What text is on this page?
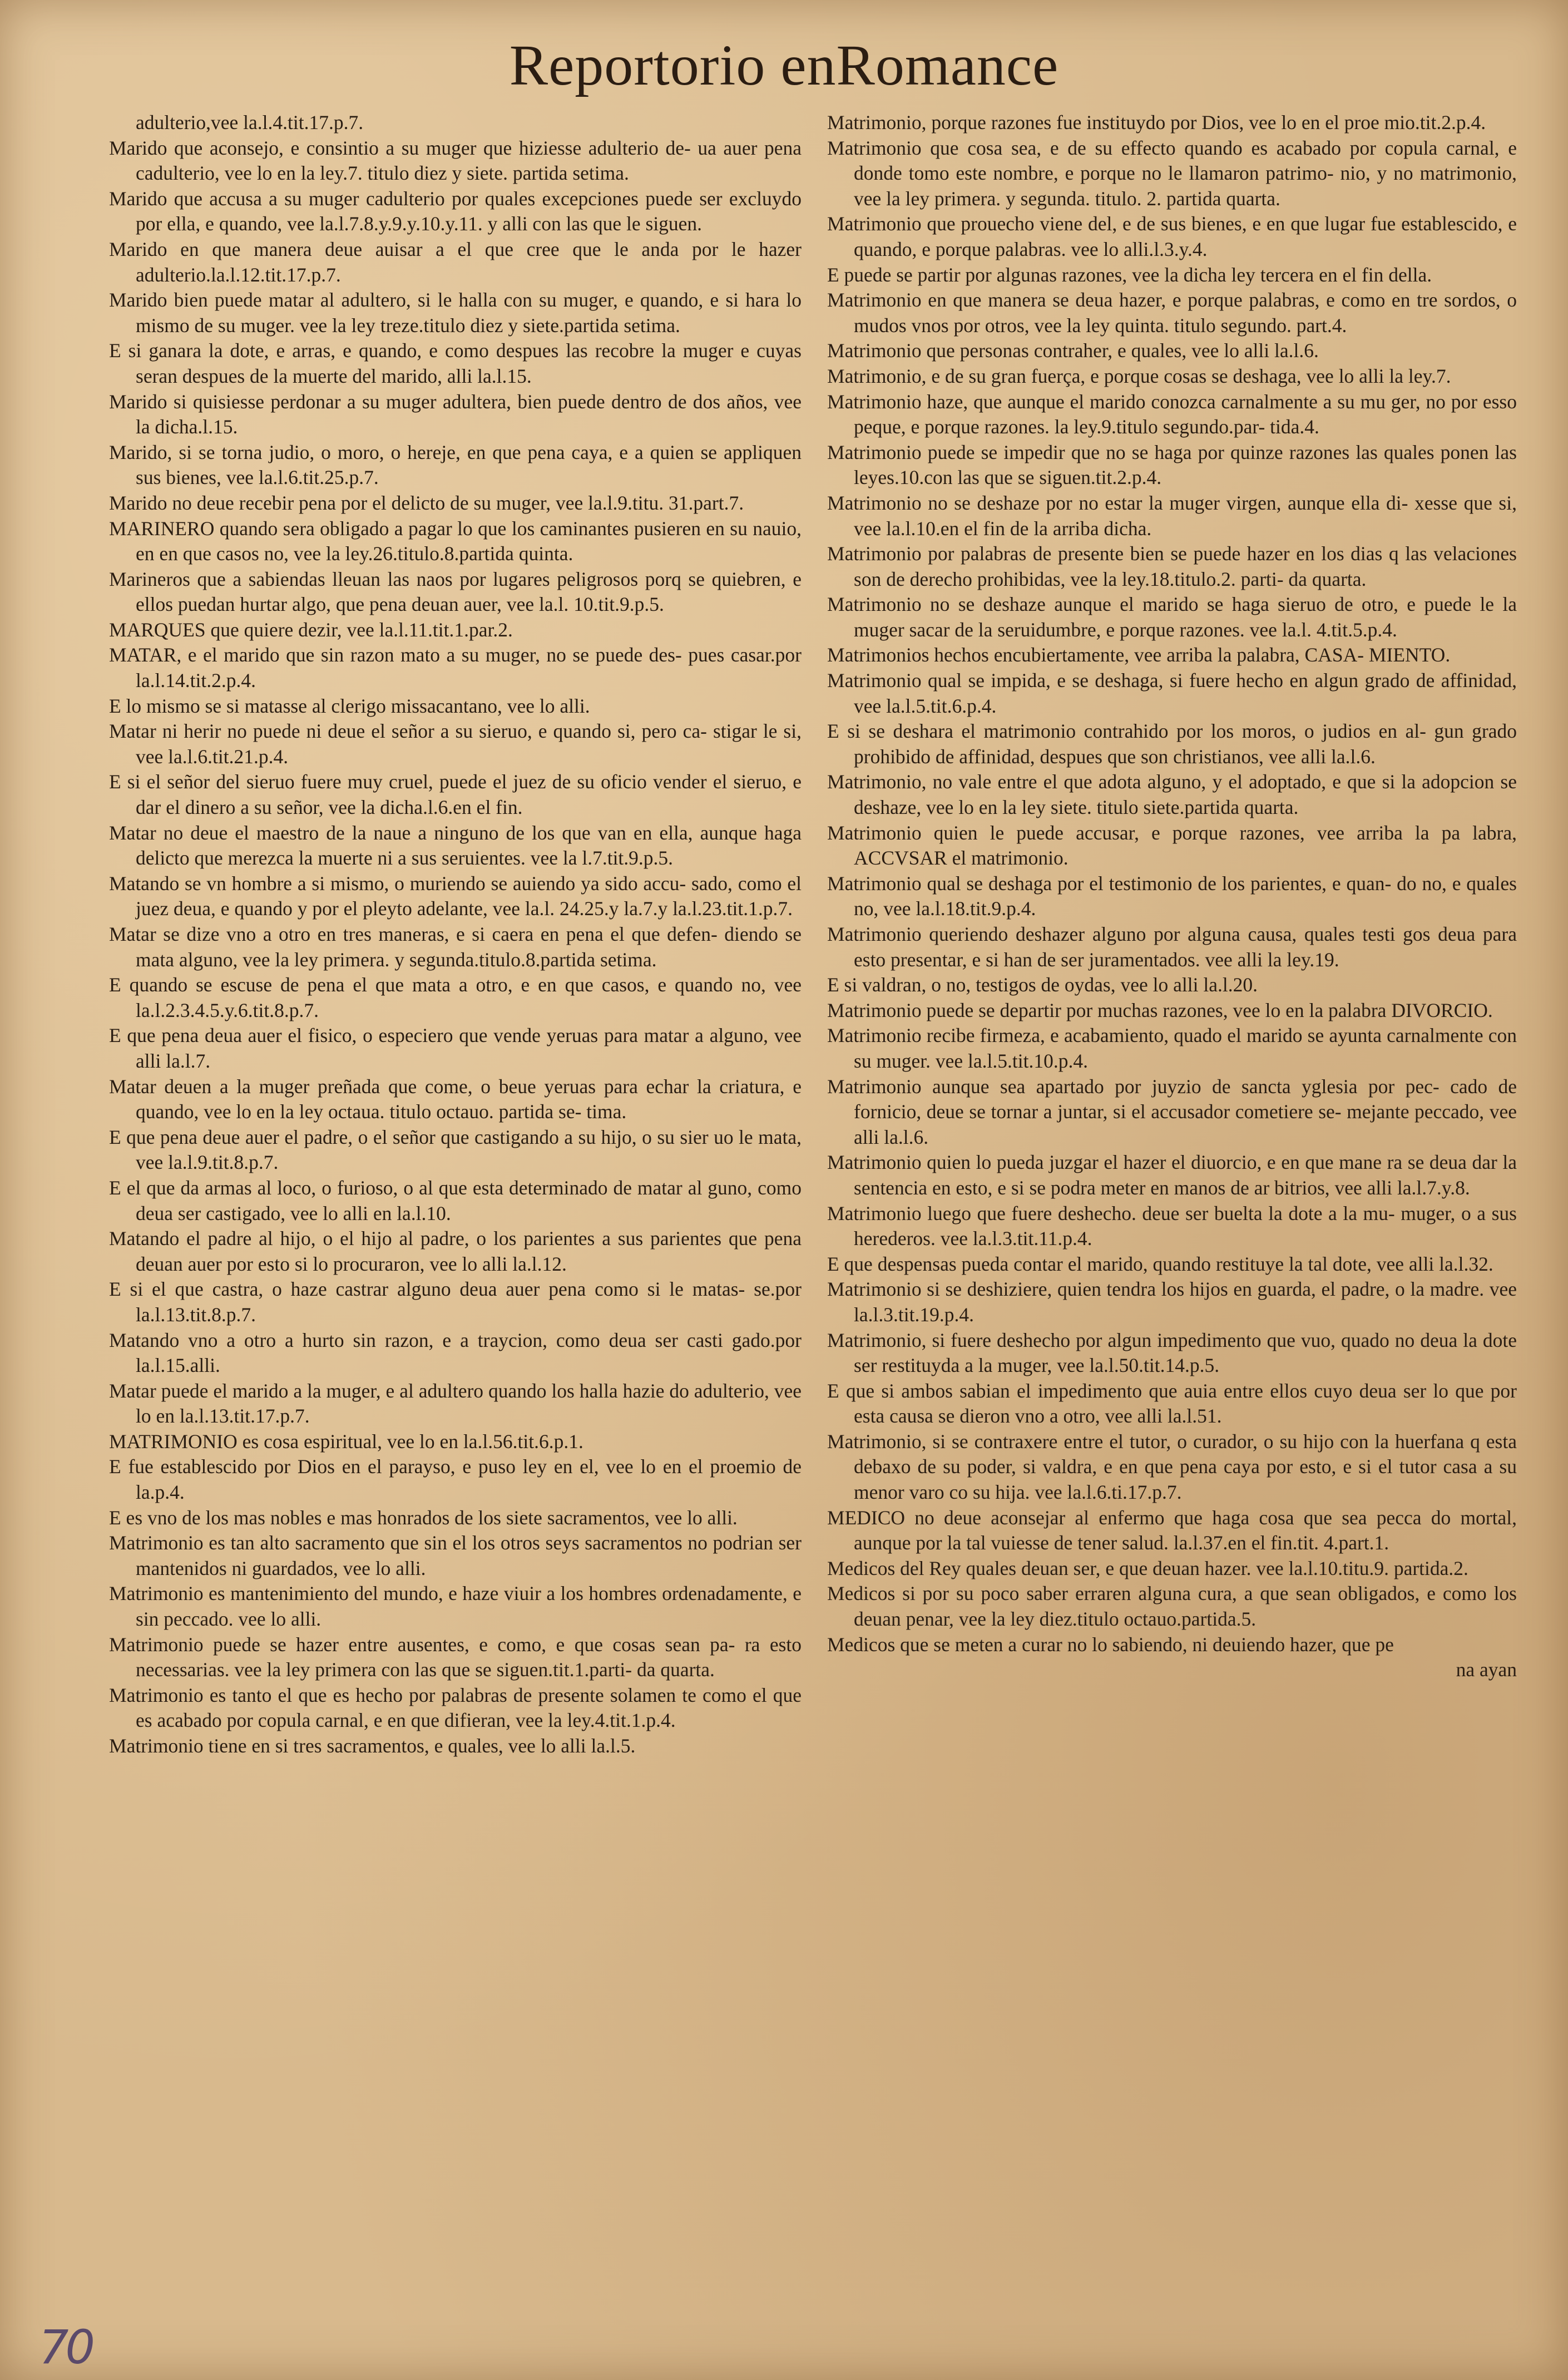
Reportorio enRomance

adulterio,vee la.l.4.tit.17.p.7.

Marido que aconsejo, e consintio a su muger que hiziesse adulterio de- ua auer pena cadulterio, vee lo en la ley.7. titulo diez y siete. partida setima.

Marido que accusa a su muger cadulterio por quales excepciones puede ser excluydo por ella, e quando, vee la.l.7.8.y.9.y.10.y.11. y alli con las que le siguen.

Marido en que manera deue auisar a el que cree que le anda por le hazer adulterio.la.l.12.tit.17.p.7.

Marido bien puede matar al adultero, si le halla con su muger, e quando, e si hara lo mismo de su muger. vee la ley treze.titulo diez y siete.partida setima.

E si ganara la dote, e arras, e quando, e como despues las recobre la muger e cuyas seran despues de la muerte del marido, alli la.l.15.

Marido si quisiesse perdonar a su muger adultera, bien puede dentro de dos años, vee la dicha.l.15.

Marido, si se torna judio, o moro, o hereje, en que pena caya, e a quien se appliquen sus bienes, vee la.l.6.tit.25.p.7.

Marido no deue recebir pena por el delicto de su muger, vee la.l.9.titu. 31.part.7.

MARINERO quando sera obligado a pagar lo que los caminantes pusieren en su nauio, en en que casos no, vee la ley.26.titulo.8.partida quinta.

Marineros que a sabiendas lleuan las naos por lugares peligrosos porq se quiebren, e ellos puedan hurtar algo, que pena deuan auer, vee la.l. 10.tit.9.p.5.

MARQUES que quiere dezir, vee la.l.11.tit.1.par.2.

MATAR, e el marido que sin razon mato a su muger, no se puede des- pues casar.por la.l.14.tit.2.p.4.

E lo mismo se si matasse al clerigo missacantano, vee lo alli.

Matar ni herir no puede ni deue el señor a su sieruo, e quando si, pero ca- stigar le si, vee la.l.6.tit.21.p.4.

E si el señor del sieruo fuere muy cruel, puede el juez de su oficio vender el sieruo, e dar el dinero a su señor, vee la dicha.l.6.en el fin.

Matar no deue el maestro de la naue a ninguno de los que van en ella, aunque haga delicto que merezca la muerte ni a sus seruientes. vee la l.7.tit.9.p.5.

Matando se vn hombre a si mismo, o muriendo se auiendo ya sido accu- sado, como el juez deua, e quando y por el pleyto adelante, vee la.l. 24.25.y la.7.y la.l.23.tit.1.p.7.

Matar se dize vno a otro en tres maneras, e si caera en pena el que defen- diendo se mata alguno, vee la ley primera. y segunda.titulo.8.partida setima.

E quando se escuse de pena el que mata a otro, e en que casos, e quando no, vee la.l.2.3.4.5.y.6.tit.8.p.7.

E que pena deua auer el fisico, o especiero que vende yeruas para matar a alguno, vee alli la.l.7.

Matar deuen a la muger preñada que come, o beue yeruas para echar la criatura, e quando, vee lo en la ley octaua. titulo octauo. partida se- tima.

E que pena deue auer el padre, o el señor que castigando a su hijo, o su sier uo le mata, vee la.l.9.tit.8.p.7.

E el que da armas al loco, o furioso, o al que esta determinado de matar al guno, como deua ser castigado, vee lo alli en la.l.10.

Matando el padre al hijo, o el hijo al padre, o los parientes a sus parientes que pena deuan auer por esto si lo procuraron, vee lo alli la.l.12.

E si el que castra, o haze castrar alguno deua auer pena como si le matas- se.por la.l.13.tit.8.p.7.

Matando vno a otro a hurto sin razon, e a traycion, como deua ser casti gado.por la.l.15.alli.

Matar puede el marido a la muger, e al adultero quando los halla hazie do adulterio, vee lo en la.l.13.tit.17.p.7.

MATRIMONIO es cosa espiritual, vee lo en la.l.56.tit.6.p.1.

E fue establescido por Dios en el parayso, e puso ley en el, vee lo en el proemio de la.p.4.

E es vno de los mas nobles e mas honrados de los siete sacramentos, vee lo alli.

Matrimonio es tan alto sacramento que sin el los otros seys sacramentos no podrian ser mantenidos ni guardados, vee lo alli.

Matrimonio es mantenimiento del mundo, e haze viuir a los hombres ordenadamente, e sin peccado. vee lo alli.

Matrimonio puede se hazer entre ausentes, e como, e que cosas sean pa- ra esto necessarias. vee la ley primera con las que se siguen.tit.1.parti- da quarta.

Matrimonio es tanto el que es hecho por palabras de presente solamen te como el que es acabado por copula carnal, e en que difieran, vee la ley.4.tit.1.p.4.

Matrimonio tiene en si tres sacramentos, e quales, vee lo alli la.l.5.

Matrimonio, porque razones fue instituydo por Dios, vee lo en el proe mio.tit.2.p.4.

Matrimonio que cosa sea, e de su effecto quando es acabado por copula carnal, e donde tomo este nombre, e porque no le llamaron patrimo- nio, y no matrimonio, vee la ley primera. y segunda. titulo. 2. partida quarta.

Matrimonio que prouecho viene del, e de sus bienes, e en que lugar fue establescido, e quando, e porque palabras. vee lo alli.l.3.y.4.

E puede se partir por algunas razones, vee la dicha ley tercera en el fin della.

Matrimonio en que manera se deua hazer, e porque palabras, e como en tre sordos, o mudos vnos por otros, vee la ley quinta. titulo segundo. part.4.

Matrimonio que personas contraher, e quales, vee lo alli la.l.6.

Matrimonio, e de su gran fuerça, e porque cosas se deshaga, vee lo alli la ley.7.

Matrimonio haze, que aunque el marido conozca carnalmente a su mu ger, no por esso peque, e porque razones. la ley.9.titulo segundo.par- tida.4.

Matrimonio puede se impedir que no se haga por quinze razones las quales ponen las leyes.10.con las que se siguen.tit.2.p.4.

Matrimonio no se deshaze por no estar la muger virgen, aunque ella di- xesse que si, vee la.l.10.en el fin de la arriba dicha.

Matrimonio por palabras de presente bien se puede hazer en los dias q las velaciones son de derecho prohibidas, vee la ley.18.titulo.2. parti- da quarta.

Matrimonio no se deshaze aunque el marido se haga sieruo de otro, e puede le la muger sacar de la seruidumbre, e porque razones. vee la.l. 4.tit.5.p.4.

Matrimonios hechos encubiertamente, vee arriba la palabra, CASA- MIENTO.

Matrimonio qual se impida, e se deshaga, si fuere hecho en algun grado de affinidad, vee la.l.5.tit.6.p.4.

E si se deshara el matrimonio contrahido por los moros, o judios en al- gun grado prohibido de affinidad, despues que son christianos, vee alli la.l.6.

Matrimonio, no vale entre el que adota alguno, y el adoptado, e que si la adopcion se deshaze, vee lo en la ley siete. titulo siete.partida quarta.

Matrimonio quien le puede accusar, e porque razones, vee arriba la pa labra, ACCVSAR el matrimonio.

Matrimonio qual se deshaga por el testimonio de los parientes, e quan- do no, e quales no, vee la.l.18.tit.9.p.4.

Matrimonio queriendo deshazer alguno por alguna causa, quales testi gos deua para esto presentar, e si han de ser juramentados. vee alli la ley.19.

E si valdran, o no, testigos de oydas, vee lo alli la.l.20.

Matrimonio puede se departir por muchas razones, vee lo en la palabra DIVORCIO.

Matrimonio recibe firmeza, e acabamiento, quado el marido se ayunta carnalmente con su muger. vee la.l.5.tit.10.p.4.

Matrimonio aunque sea apartado por juyzio de sancta yglesia por pec- cado de fornicio, deue se tornar a juntar, si el accusador cometiere se- mejante peccado, vee alli la.l.6.

Matrimonio quien lo pueda juzgar el hazer el diuorcio, e en que mane ra se deua dar la sentencia en esto, e si se podra meter en manos de ar bitrios, vee alli la.l.7.y.8.

Matrimonio luego que fuere deshecho. deue ser buelta la dote a la mu- muger, o a sus herederos. vee la.l.3.tit.11.p.4.

E que despensas pueda contar el marido, quando restituye la tal dote, vee alli la.l.32.

Matrimonio si se deshiziere, quien tendra los hijos en guarda, el padre, o la madre. vee la.l.3.tit.19.p.4.

Matrimonio, si fuere deshecho por algun impedimento que vuo, quado no deua la dote ser restituyda a la muger, vee la.l.50.tit.14.p.5.

E que si ambos sabian el impedimento que auia entre ellos cuyo deua ser lo que por esta causa se dieron vno a otro, vee alli la.l.51.

Matrimonio, si se contraxere entre el tutor, o curador, o su hijo con la huerfana q esta debaxo de su poder, si valdra, e en que pena caya por esto, e si el tutor casa a su menor varo co su hija. vee la.l.6.ti.17.p.7.

MEDICO no deue aconsejar al enfermo que haga cosa que sea pecca do mortal, aunque por la tal vuiesse de tener salud. la.l.37.en el fin.tit. 4.part.1.

Medicos del Rey quales deuan ser, e que deuan hazer. vee la.l.10.titu.9. partida.2.

Medicos si por su poco saber erraren alguna cura, a que sean obligados, e como los deuan penar, vee la ley diez.titulo octauo.partida.5.

Medicos que se meten a curar no lo sabiendo, ni deuiendo hazer, que pe

na ayan

70
